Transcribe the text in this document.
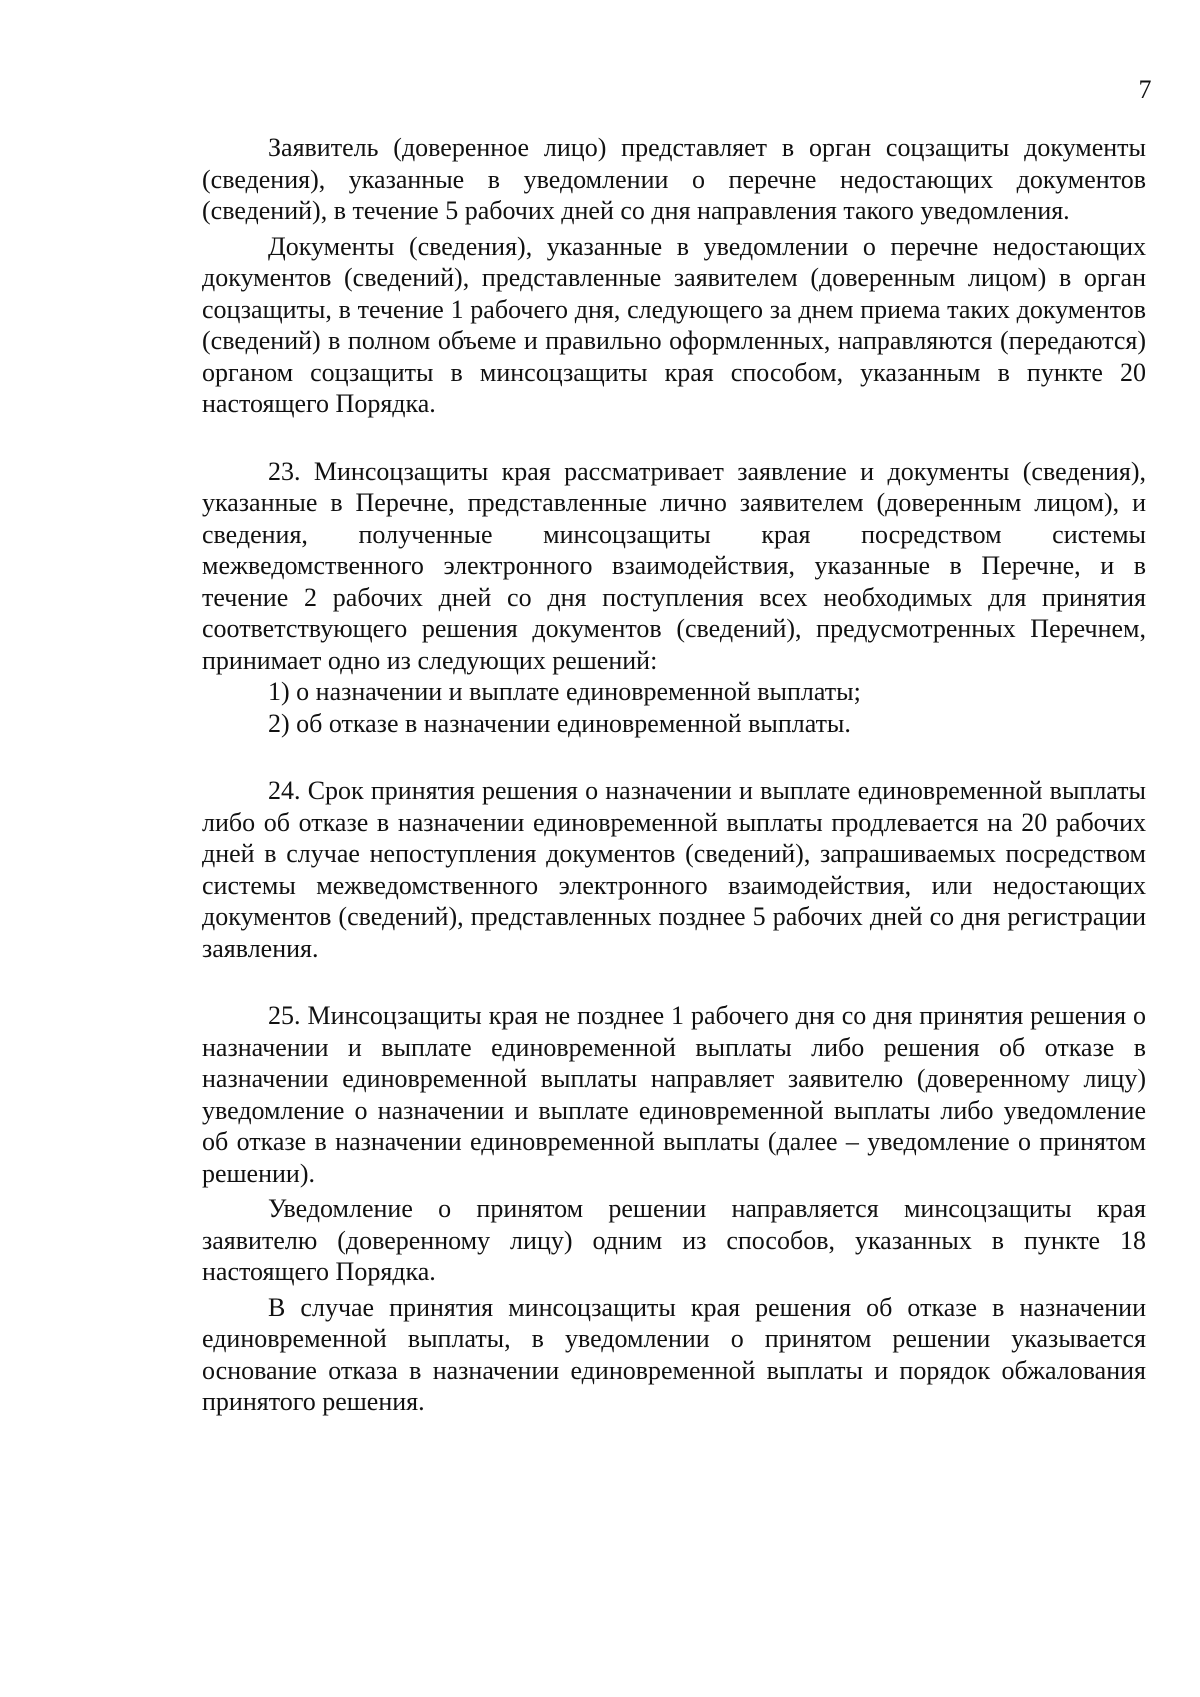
7

Заявитель (доверенное лицо) представляет в орган соцзащиты документы (сведения), указанные в уведомлении о перечне недостающих документов (сведений), в течение 5 рабочих дней со дня направления такого уведомления.

Документы (сведения), указанные в уведомлении о перечне недостающих документов (сведений), представленные заявителем (доверенным лицом) в орган соцзащиты, в течение 1 рабочего дня, следующего за днем приема таких документов (сведений) в полном объеме и правильно оформленных, направляются (передаются) органом соцзащиты в минсоцзащиты края способом, указанным в пункте 20 настоящего Порядка.

23. Минсоцзащиты края рассматривает заявление и документы (сведения), указанные в Перечне, представленные лично заявителем (доверенным лицом), и сведения, полученные минсоцзащиты края посредством системы межведомственного электронного взаимодействия, указанные в Перечне, и в течение 2 рабочих дней со дня поступления всех необходимых для принятия соответствующего решения документов (сведений), предусмотренных Перечнем, принимает одно из следующих решений:

1) о назначении и выплате единовременной выплаты;

2) об отказе в назначении единовременной выплаты.

24. Срок принятия решения о назначении и выплате единовременной выплаты либо об отказе в назначении единовременной выплаты продлевается на 20 рабочих дней в случае непоступления документов (сведений), запрашиваемых посредством системы межведомственного электронного взаимодействия, или недостающих документов (сведений), представленных позднее 5 рабочих дней со дня регистрации заявления.

25. Минсоцзащиты края не позднее 1 рабочего дня со дня принятия решения о назначении и выплате единовременной выплаты либо решения об отказе в назначении единовременной выплаты направляет заявителю (доверенному лицу) уведомление о назначении и выплате единовременной выплаты либо уведомление об отказе в назначении единовременной выплаты (далее – уведомление о принятом решении).

Уведомление о принятом решении направляется минсоцзащиты края заявителю (доверенному лицу) одним из способов, указанных в пункте 18 настоящего Порядка.

В случае принятия минсоцзащиты края решения об отказе в назначении единовременной выплаты, в уведомлении о принятом решении указывается основание отказа в назначении единовременной выплаты и порядок обжалования принятого решения.
